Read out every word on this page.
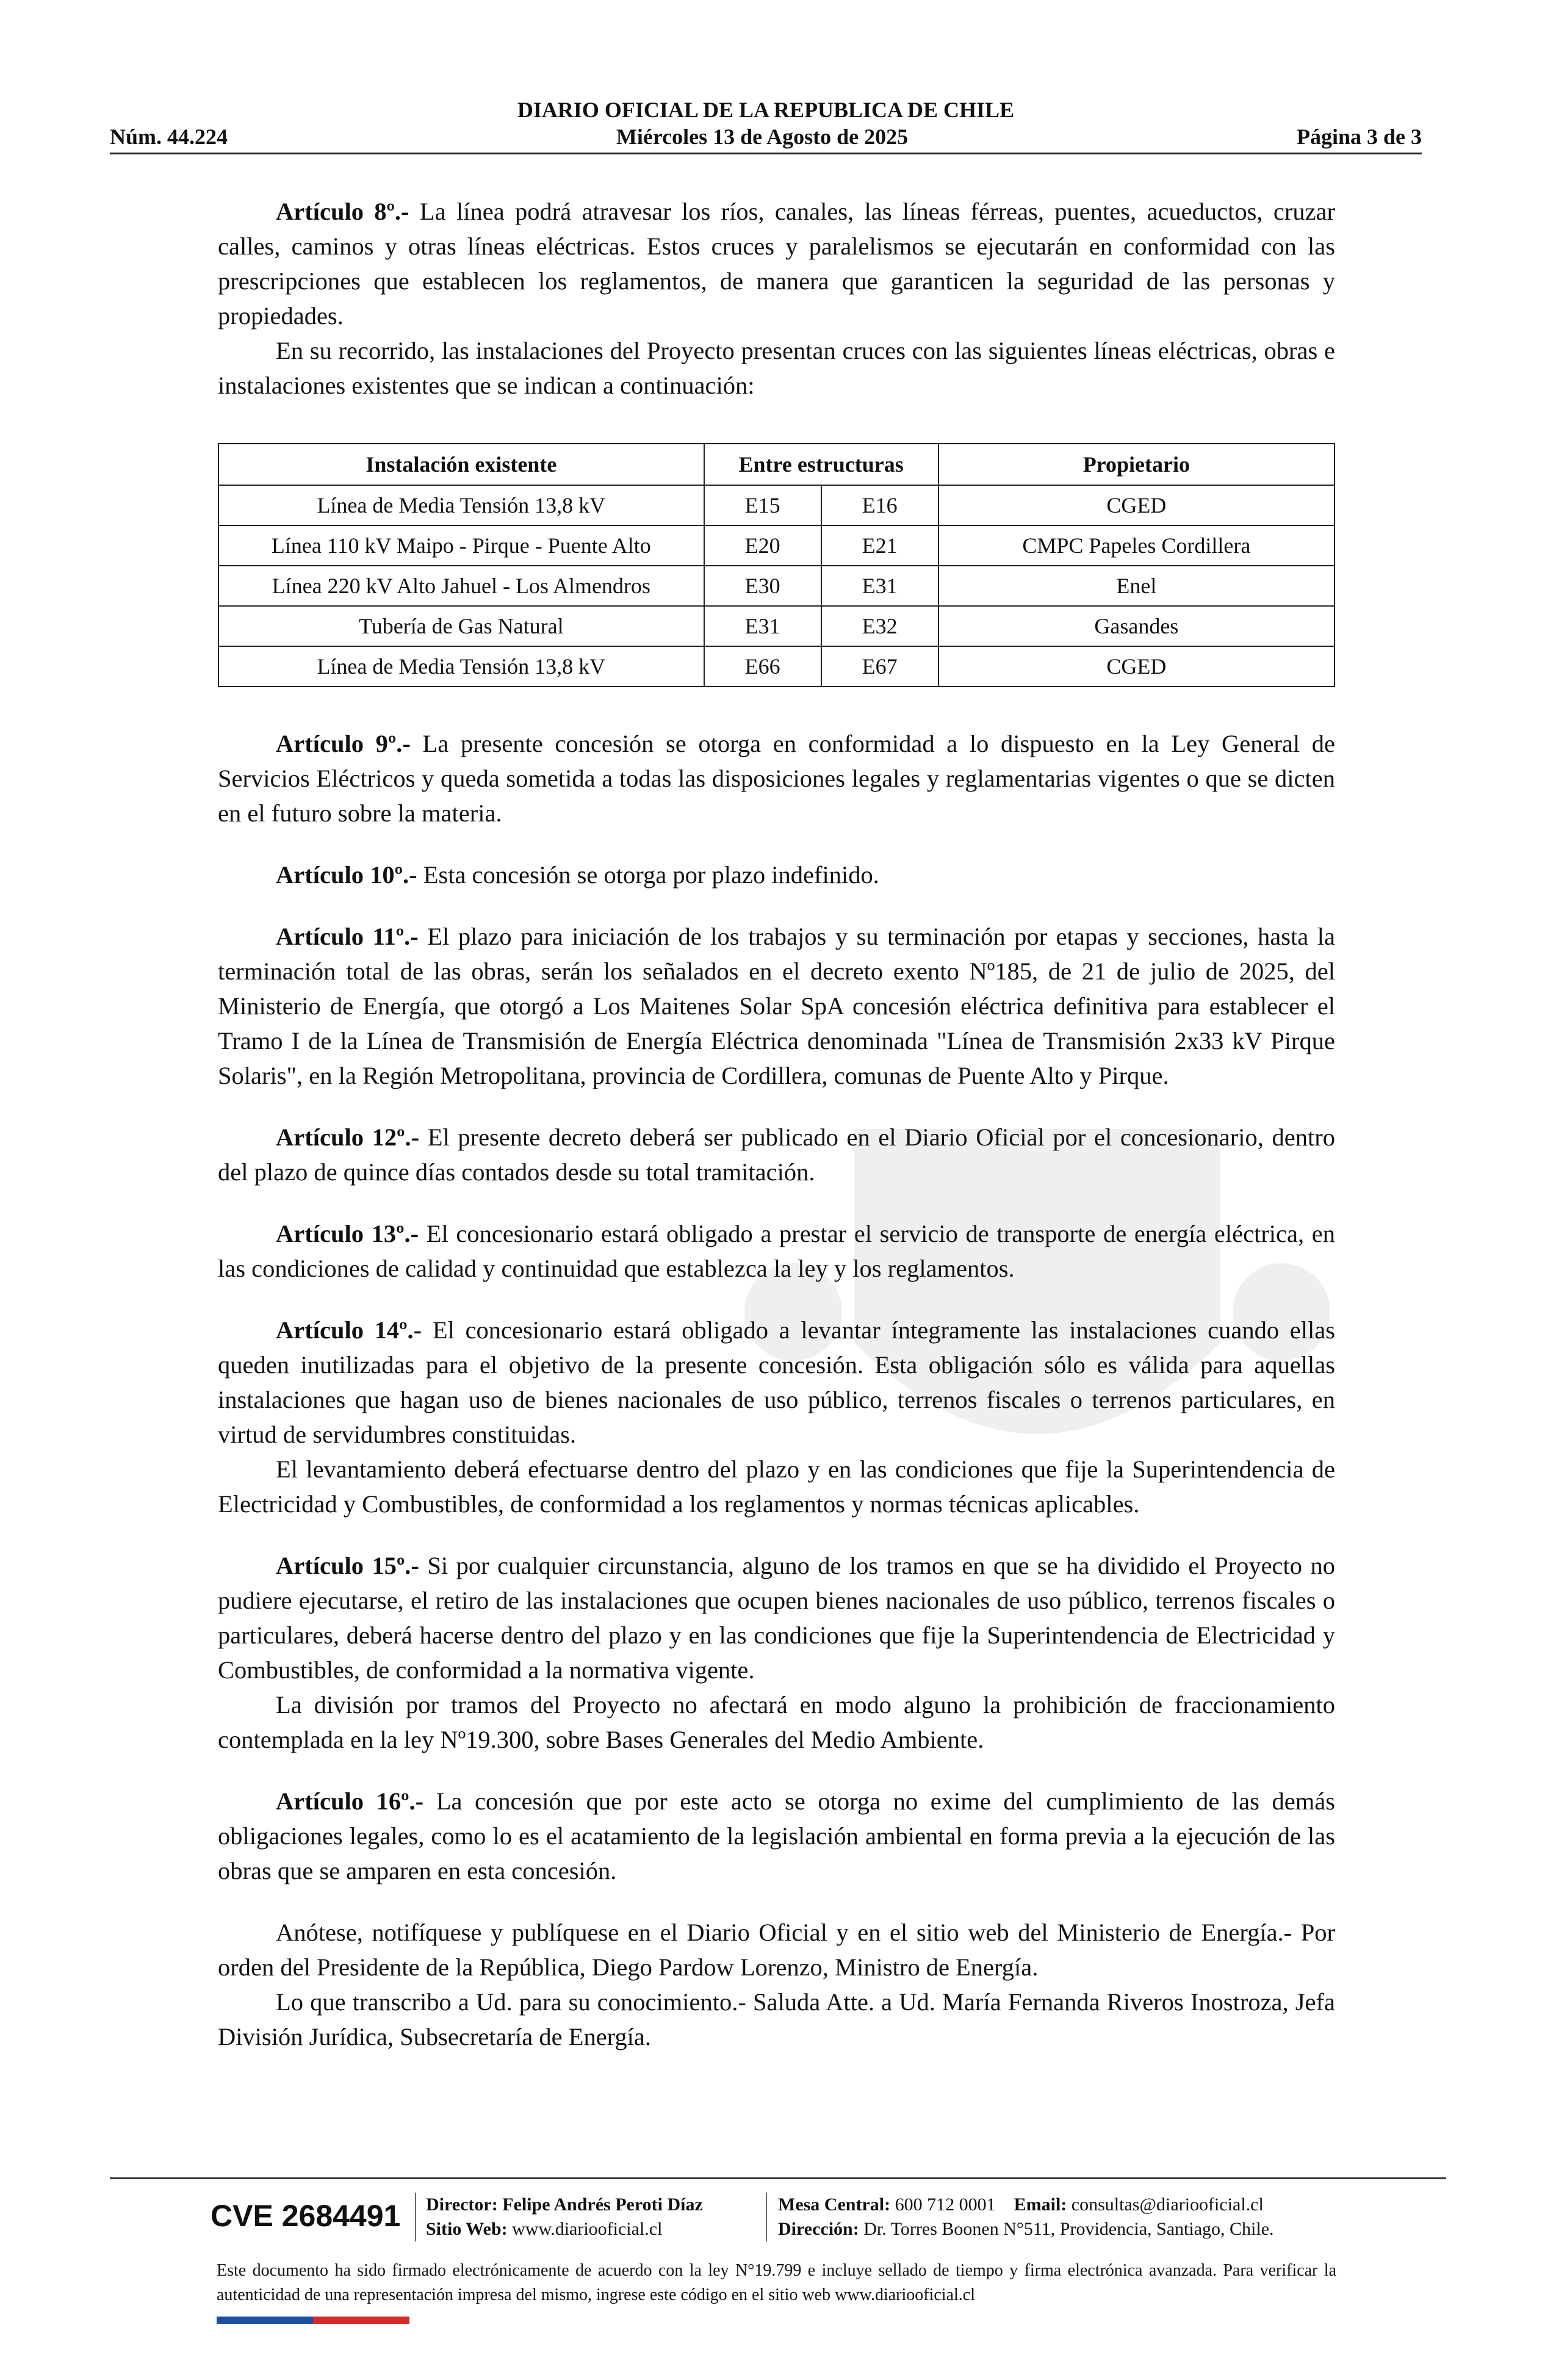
DIARIO OFICIAL DE LA REPUBLICA DE CHILE
Núm. 44.224	Miércoles 13 de Agosto de 2025	Página 3 de 3

Artículo 8º.- La línea podrá atravesar los ríos, canales, las líneas férreas, puentes, acueductos, cruzar calles, caminos y otras líneas eléctricas. Estos cruces y paralelismos se ejecutarán en conformidad con las prescripciones que establecen los reglamentos, de manera que garanticen la seguridad de las personas y propiedades.

En su recorrido, las instalaciones del Proyecto presentan cruces con las siguientes líneas eléctricas, obras e instalaciones existentes que se indican a continuación:

Instalación existente	Entre estructuras		Propietario
Línea de Media Tensión 13,8 kV	E15	E16	CGED
Línea 110 kV Maipo - Pirque - Puente Alto	E20	E21	CMPC Papeles Cordillera
Línea 220 kV Alto Jahuel - Los Almendros	E30	E31	Enel
Tubería de Gas Natural	E31	E32	Gasandes
Línea de Media Tensión 13,8 kV	E66	E67	CGED

Artículo 9º.- La presente concesión se otorga en conformidad a lo dispuesto en la Ley General de Servicios Eléctricos y queda sometida a todas las disposiciones legales y reglamentarias vigentes o que se dicten en el futuro sobre la materia.

Artículo 10º.- Esta concesión se otorga por plazo indefinido.

Artículo 11º.- El plazo para iniciación de los trabajos y su terminación por etapas y secciones, hasta la terminación total de las obras, serán los señalados en el decreto exento Nº185, de 21 de julio de 2025, del Ministerio de Energía, que otorgó a Los Maitenes Solar SpA concesión eléctrica definitiva para establecer el Tramo I de la Línea de Transmisión de Energía Eléctrica denominada "Línea de Transmisión 2x33 kV Pirque Solaris", en la Región Metropolitana, provincia de Cordillera, comunas de Puente Alto y Pirque.

Artículo 12º.- El presente decreto deberá ser publicado en el Diario Oficial por el concesionario, dentro del plazo de quince días contados desde su total tramitación.

Artículo 13º.- El concesionario estará obligado a prestar el servicio de transporte de energía eléctrica, en las condiciones de calidad y continuidad que establezca la ley y los reglamentos.

Artículo 14º.- El concesionario estará obligado a levantar íntegramente las instalaciones cuando ellas queden inutilizadas para el objetivo de la presente concesión. Esta obligación sólo es válida para aquellas instalaciones que hagan uso de bienes nacionales de uso público, terrenos fiscales o terrenos particulares, en virtud de servidumbres constituidas.

El levantamiento deberá efectuarse dentro del plazo y en las condiciones que fije la Superintendencia de Electricidad y Combustibles, de conformidad a los reglamentos y normas técnicas aplicables.

Artículo 15º.- Si por cualquier circunstancia, alguno de los tramos en que se ha dividido el Proyecto no pudiere ejecutarse, el retiro de las instalaciones que ocupen bienes nacionales de uso público, terrenos fiscales o particulares, deberá hacerse dentro del plazo y en las condiciones que fije la Superintendencia de Electricidad y Combustibles, de conformidad a la normativa vigente.

La división por tramos del Proyecto no afectará en modo alguno la prohibición de fraccionamiento contemplada en la ley Nº19.300, sobre Bases Generales del Medio Ambiente.

Artículo 16º.- La concesión que por este acto se otorga no exime del cumplimiento de las demás obligaciones legales, como lo es el acatamiento de la legislación ambiental en forma previa a la ejecución de las obras que se amparen en esta concesión.

Anótese, notifíquese y publíquese en el Diario Oficial y en el sitio web del Ministerio de Energía.- Por orden del Presidente de la República, Diego Pardow Lorenzo, Ministro de Energía.

Lo que transcribo a Ud. para su conocimiento.- Saluda Atte. a Ud. María Fernanda Riveros Inostroza, Jefa División Jurídica, Subsecretaría de Energía.

CVE 2684491	Director: Felipe Andrés Peroti Díaz
Sitio Web: www.diariooficial.cl
Mesa Central: 600 712 0001 Email: consultas@diariooficial.cl
Dirección: Dr. Torres Boonen N°511, Providencia, Santiago, Chile.
Este documento ha sido firmado electrónicamente de acuerdo con la ley N°19.799 e incluye sellado de tiempo y firma electrónica avanzada. Para verificar la autenticidad de una representación impresa del mismo, ingrese este código en el sitio web www.diariooficial.cl
